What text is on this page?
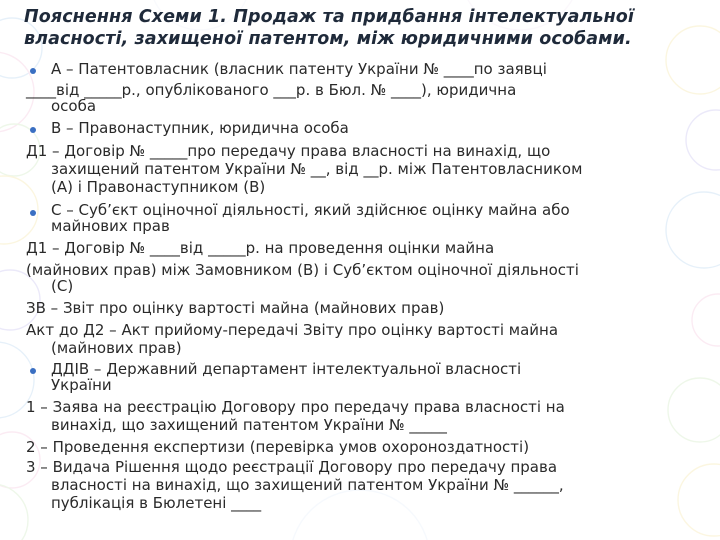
Пояснення Схеми 1. Продаж та придбання інтелектуальної
власності, захищеної патентом, між юридичними особами.
A – Патентовласник (власник патенту України № ____по заявці
____від _____р., опублікованого ___р. в Бюл. № ____), юридична
особа
B – Правонаступник, юридична особа
Д1 – Договір № _____про передачу права власності на винахід, що
захищений патентом України № __, від __р. між Патентовласником
(A) і Правонаступником (B)
С – Суб’єкт оціночної діяльності, який здійснює оцінку майна або
майнових прав
Д1 – Договір № ____від _____р. на проведення оцінки майна
(майнових прав) між Замовником (B) і Суб’єктом оціночної діяльності
(С)
ЗВ – Звіт про оцінку вартості майна (майнових прав)
Акт до Д2 – Акт прийому-передачі Звіту про оцінку вартості майна
(майнових прав)
ДДІВ – Державний департамент інтелектуальної власності
України
1 – Заява на реєстрацію Договору про передачу права власності на
винахід, що захищений патентом України № _____
2 – Проведення експертизи (перевірка умов охороноздатності)
3 – Видача Рішення щодо реєстрації Договору про передачу права
власності на винахід, що захищений патентом України № ______,
публікація в Бюлетені ____
